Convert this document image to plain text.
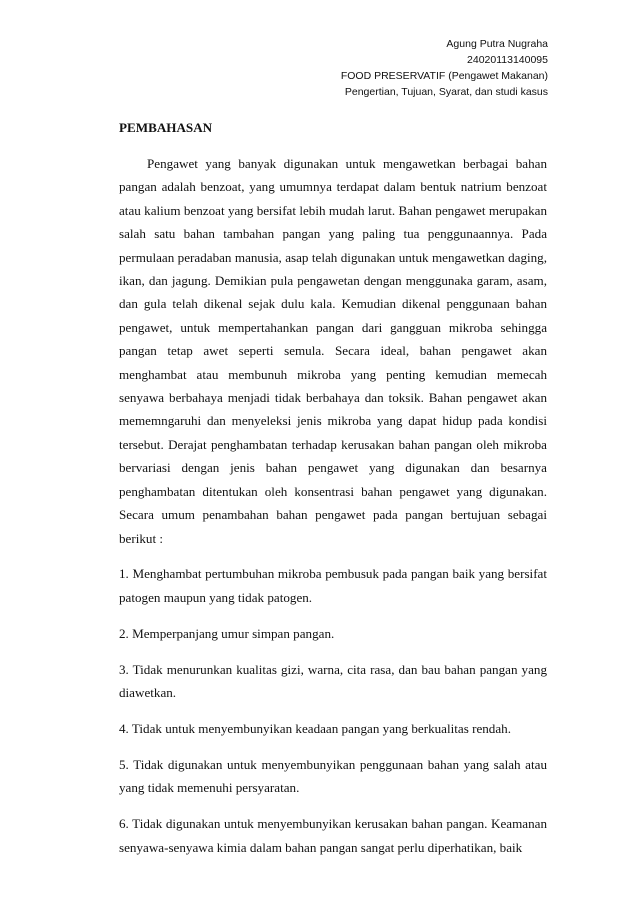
Agung Putra Nugraha
24020113140095
FOOD PRESERVATIF (Pengawet Makanan)
Pengertian, Tujuan, Syarat, dan studi kasus
PEMBAHASAN

Pengawet yang banyak digunakan untuk mengawetkan berbagai bahan pangan adalah benzoat, yang umumnya terdapat dalam bentuk natrium benzoat atau kalium benzoat yang bersifat lebih mudah larut. Bahan pengawet merupakan salah satu bahan tambahan pangan yang paling tua penggunaannya. Pada permulaan peradaban manusia, asap telah digunakan untuk mengawetkan daging, ikan, dan jagung. Demikian pula pengawetan dengan menggunaka garam, asam, dan gula telah dikenal sejak dulu kala. Kemudian dikenal penggunaan bahan pengawet, untuk mempertahankan pangan dari gangguan mikroba sehingga pangan tetap awet seperti semula. Secara ideal, bahan pengawet akan menghambat atau membunuh mikroba yang penting kemudian memecah senyawa berbahaya menjadi tidak berbahaya dan toksik. Bahan pengawet akan mememngaruhi dan menyeleksi jenis mikroba yang dapat hidup pada kondisi tersebut. Derajat penghambatan terhadap kerusakan bahan pangan oleh mikroba bervariasi dengan jenis bahan pengawet yang digunakan dan besarnya penghambatan ditentukan oleh konsentrasi bahan pengawet yang digunakan. Secara umum penambahan bahan pengawet pada pangan bertujuan sebagai berikut :

1. Menghambat pertumbuhan mikroba pembusuk pada pangan baik yang bersifat patogen maupun yang tidak patogen.

2. Memperpanjang umur simpan pangan.

3. Tidak menurunkan kualitas gizi, warna, cita rasa, dan bau bahan pangan yang diawetkan.

4. Tidak untuk menyembunyikan keadaan pangan yang berkualitas rendah.

5. Tidak digunakan untuk menyembunyikan penggunaan bahan yang salah atau yang tidak memenuhi persyaratan.

6. Tidak digunakan untuk menyembunyikan kerusakan bahan pangan. Keamanan senyawa-senyawa kimia dalam bahan pangan sangat perlu diperhatikan, baik
